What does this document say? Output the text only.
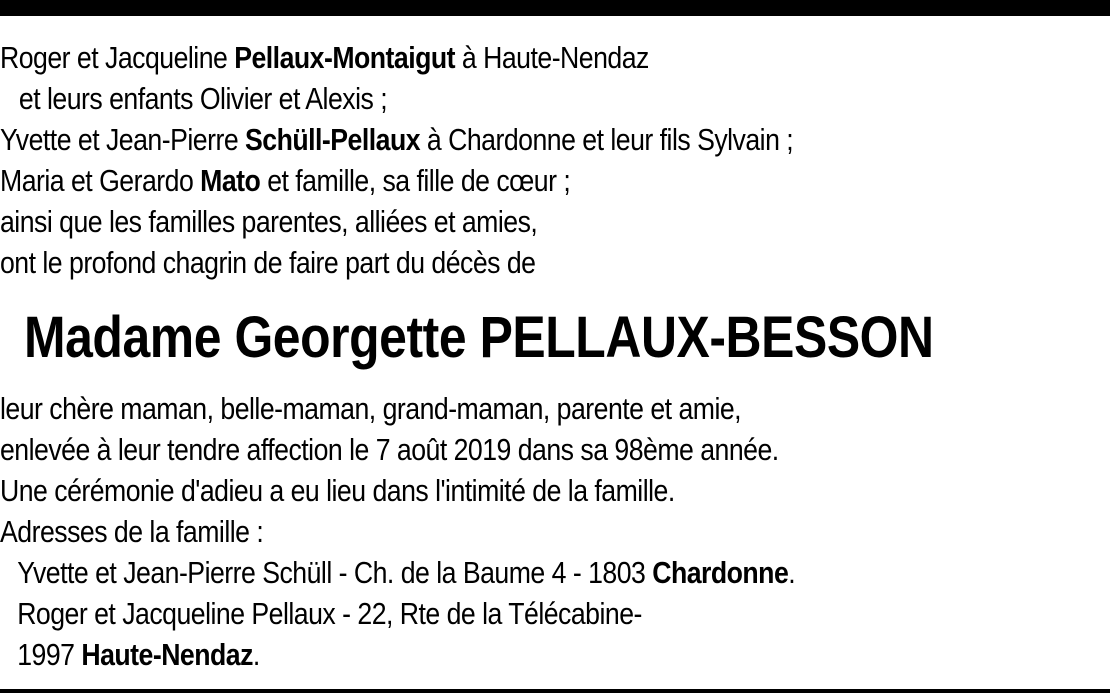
Roger et Jacqueline Pellaux-Montaigut à Haute-Nendaz
et leurs enfants Olivier et Alexis ;
Yvette et Jean-Pierre Schüll-Pellaux à Chardonne et leur fils Sylvain ;
Maria et Gerardo Mato et famille, sa fille de cœur ;
ainsi que les familles parentes, alliées et amies,
ont le profond chagrin de faire part du décès de
Madame Georgette PELLAUX-BESSON
leur chère maman, belle-maman, grand-maman, parente et amie,
enlevée à leur tendre affection le 7 août 2019 dans sa 98ème année.
Une cérémonie d'adieu a eu lieu dans l'intimité de la famille.
Adresses de la famille :
Yvette et Jean-Pierre Schüll - Ch. de la Baume 4 - 1803 Chardonne.
Roger et Jacqueline Pellaux - 22, Rte de la Télécabine-
1997 Haute-Nendaz.
